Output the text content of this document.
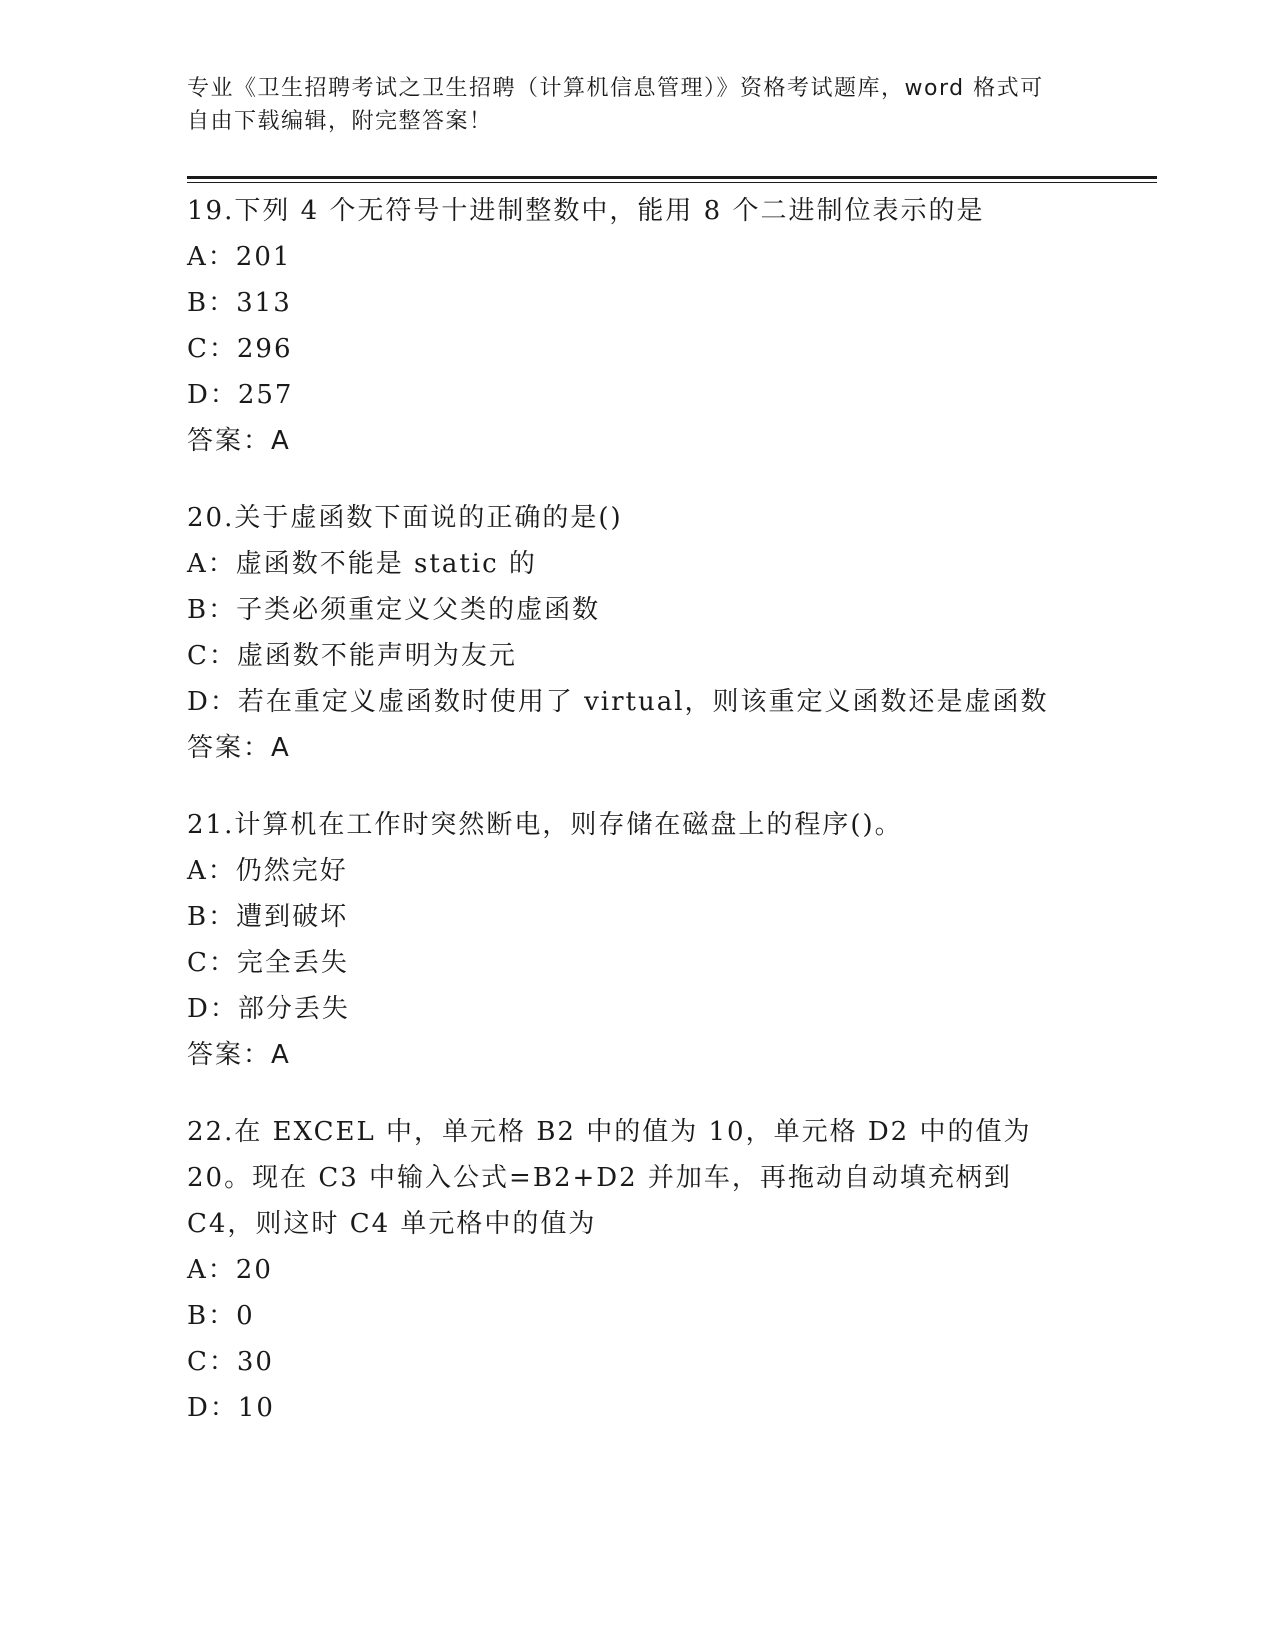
专业《卫生招聘考试之卫生招聘（计算机信息管理）》资格考试题库，word 格式可自由下载编辑，附完整答案！
19.下列 4 个无符号十进制整数中，能用 8 个二进制位表示的是
A：201
B：313
C：296
D：257
答案：A
20.关于虚函数下面说的正确的是()
A：虚函数不能是 static 的
B：子类必须重定义父类的虚函数
C：虚函数不能声明为友元
D：若在重定义虚函数时使用了 virtual，则该重定义函数还是虚函数
答案：A
21.计算机在工作时突然断电，则存储在磁盘上的程序()。
A：仍然完好
B：遭到破坏
C：完全丢失
D：部分丢失
答案：A
22.在 EXCEL 中，单元格 B2 中的值为 10，单元格 D2 中的值为 20。现在 C3 中输入公式=B2+D2 并加车，再拖动自动填充柄到 C4，则这时 C4 单元格中的值为
A：20
B：0
C：30
D：10
